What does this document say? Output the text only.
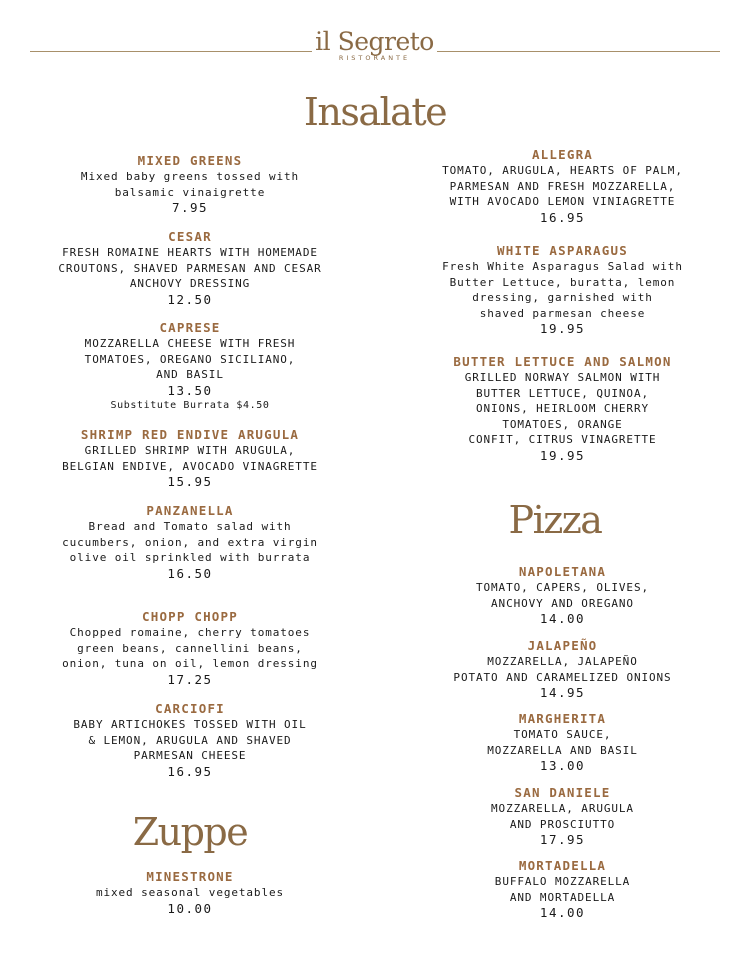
il Segreto
RISTORANTE
Insalate
Zuppe
Pizza
MIXED GREENS
Mixed baby greens tossed with
balsamic vinaigrette
7.95
CESAR
FRESH ROMAINE HEARTS WITH HOMEMADE
CROUTONS, SHAVED PARMESAN AND CESAR
ANCHOVY DRESSING
12.50
CAPRESE
MOZZARELLA CHEESE WITH FRESH
TOMATOES, OREGANO SICILIANO,
AND BASIL
13.50
Substitute Burrata $4.50
SHRIMP RED ENDIVE ARUGULA
GRILLED SHRIMP WITH ARUGULA,
BELGIAN ENDIVE, AVOCADO VINAGRETTE
15.95
PANZANELLA
Bread and Tomato salad with
cucumbers, onion, and extra virgin
olive oil sprinkled with burrata
16.50
CHOPP CHOPP
Chopped romaine, cherry tomatoes
green beans, cannellini beans,
onion, tuna on oil, lemon dressing
17.25
CARCIOFI
BABY ARTICHOKES TOSSED WITH OIL
& LEMON, ARUGULA AND SHAVED
PARMESAN CHEESE
16.95
MINESTRONE
mixed seasonal vegetables
10.00
ALLEGRA
TOMATO, ARUGULA, HEARTS OF PALM,
PARMESAN AND FRESH MOZZARELLA,
WITH AVOCADO LEMON VINIAGRETTE
16.95
WHITE ASPARAGUS
Fresh White Asparagus Salad with
Butter Lettuce, buratta, lemon
dressing, garnished with
shaved parmesan cheese
19.95
BUTTER LETTUCE AND SALMON
GRILLED NORWAY SALMON WITH
BUTTER LETTUCE, QUINOA,
ONIONS, HEIRLOOM CHERRY
TOMATOES, ORANGE
CONFIT, CITRUS VINAGRETTE
19.95
NAPOLETANA
TOMATO, CAPERS, OLIVES,
ANCHOVY AND OREGANO
14.00
JALAPEÑO
MOZZARELLA, JALAPEÑO
POTATO AND CARAMELIZED ONIONS
14.95
MARGHERITA
TOMATO SAUCE,
MOZZARELLA AND BASIL
13.00
SAN DANIELE
MOZZARELLA, ARUGULA
AND PROSCIUTTO
17.95
MORTADELLA
BUFFALO MOZZARELLA
AND MORTADELLA
14.00
